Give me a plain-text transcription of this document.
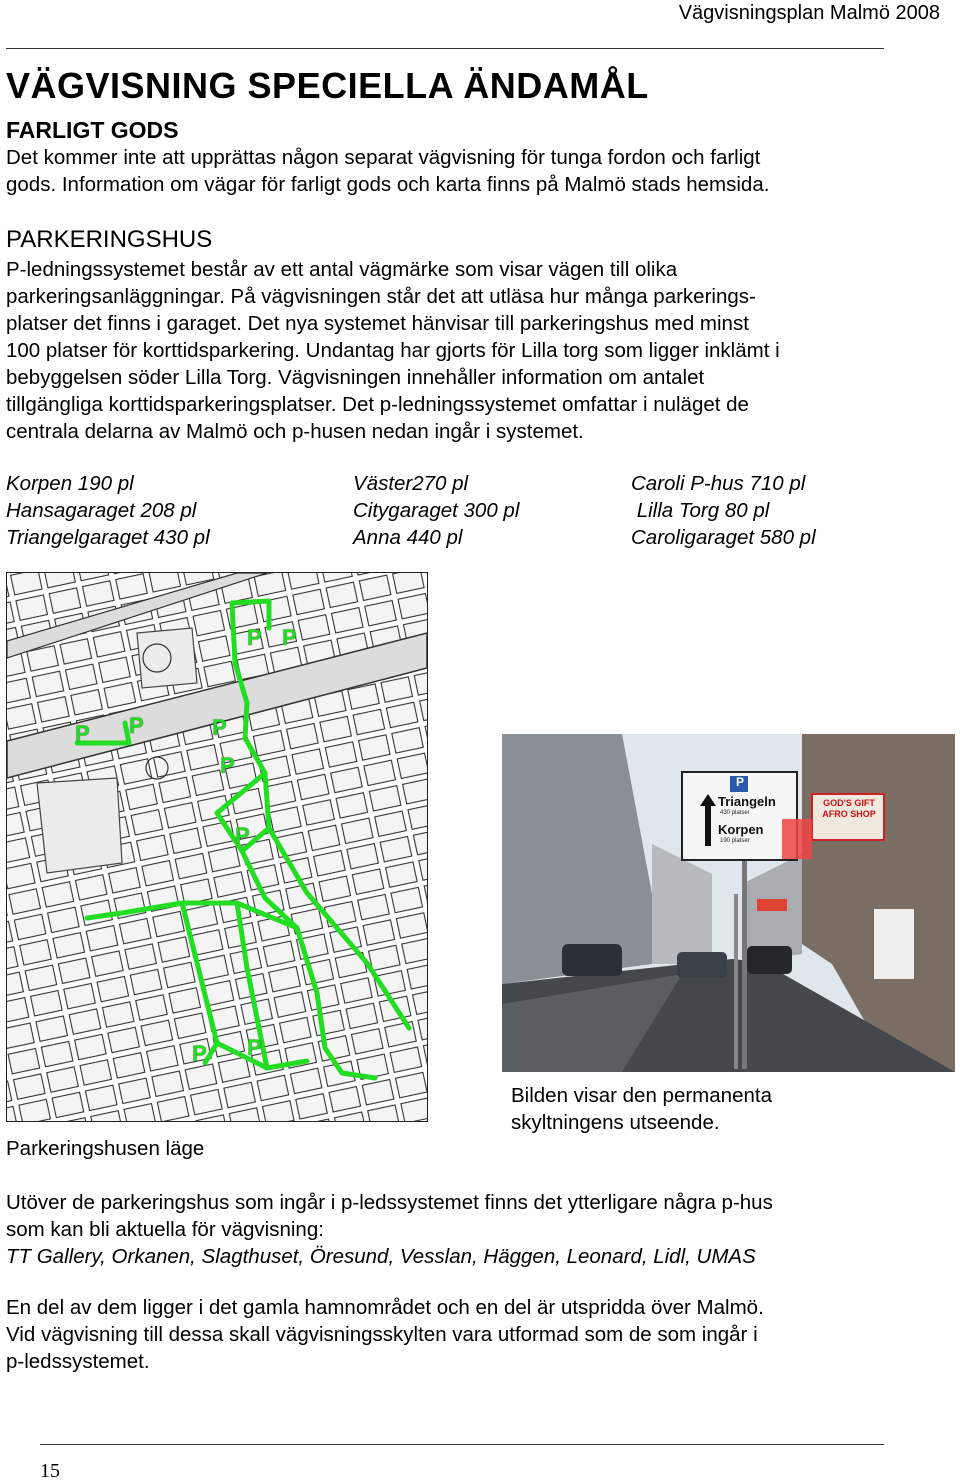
Vägvisningsplan Malmö 2008
VÄGVISNING SPECIELLA ÄNDAMÅL
FARLIGT GODS
Det kommer inte att upprättas någon separat vägvisning för tunga fordon och farligt
gods. Information om vägar för farligt gods och karta finns på Malmö stads hemsida.
PARKERINGSHUS
P-ledningssystemet består av ett antal vägmärke som visar vägen till olika
parkeringsanläggningar. På vägvisningen står det att utläsa hur många parkerings-
platser det finns i garaget. Det nya systemet hänvisar till parkeringshus med minst
100 platser för korttidsparkering. Undantag har gjorts för Lilla torg som ligger inklämt i
bebyggelsen söder Lilla Torg. Vägvisningen innehåller information om antalet
tillgängliga korttidsparkeringsplatser. Det p-ledningssystemet omfattar i nuläget de
centrala delarna av Malmö och p-husen nedan ingår i systemet.
Korpen 190 pl
Hansagaraget 208 pl
Triangelgaraget 430 pl
Väster270 pl
Citygaraget 300 pl
Anna 440 pl
Caroli P-hus 710 pl
Lilla Torg 80 pl
Caroligaraget 580 pl
P P
P P	P
P
P
P P
Parkeringshusen läge
P
Triangeln
430 platser
Korpen
190 platser
GOD'S GIFT AFRO SHOP
Bilden visar den permanenta
skyltningens utseende.
Utöver de parkeringshus som ingår i p-ledssystemet finns det ytterligare några p-hus
som kan bli aktuella för vägvisning:
TT Gallery, Orkanen, Slagthuset, Öresund, Vesslan, Häggen, Leonard, Lidl, UMAS
En del av dem ligger i det gamla hamnområdet och en del är utspridda över Malmö.
Vid vägvisning till dessa skall vägvisningsskylten vara utformad som de som ingår i
p-ledssystemet.
15
